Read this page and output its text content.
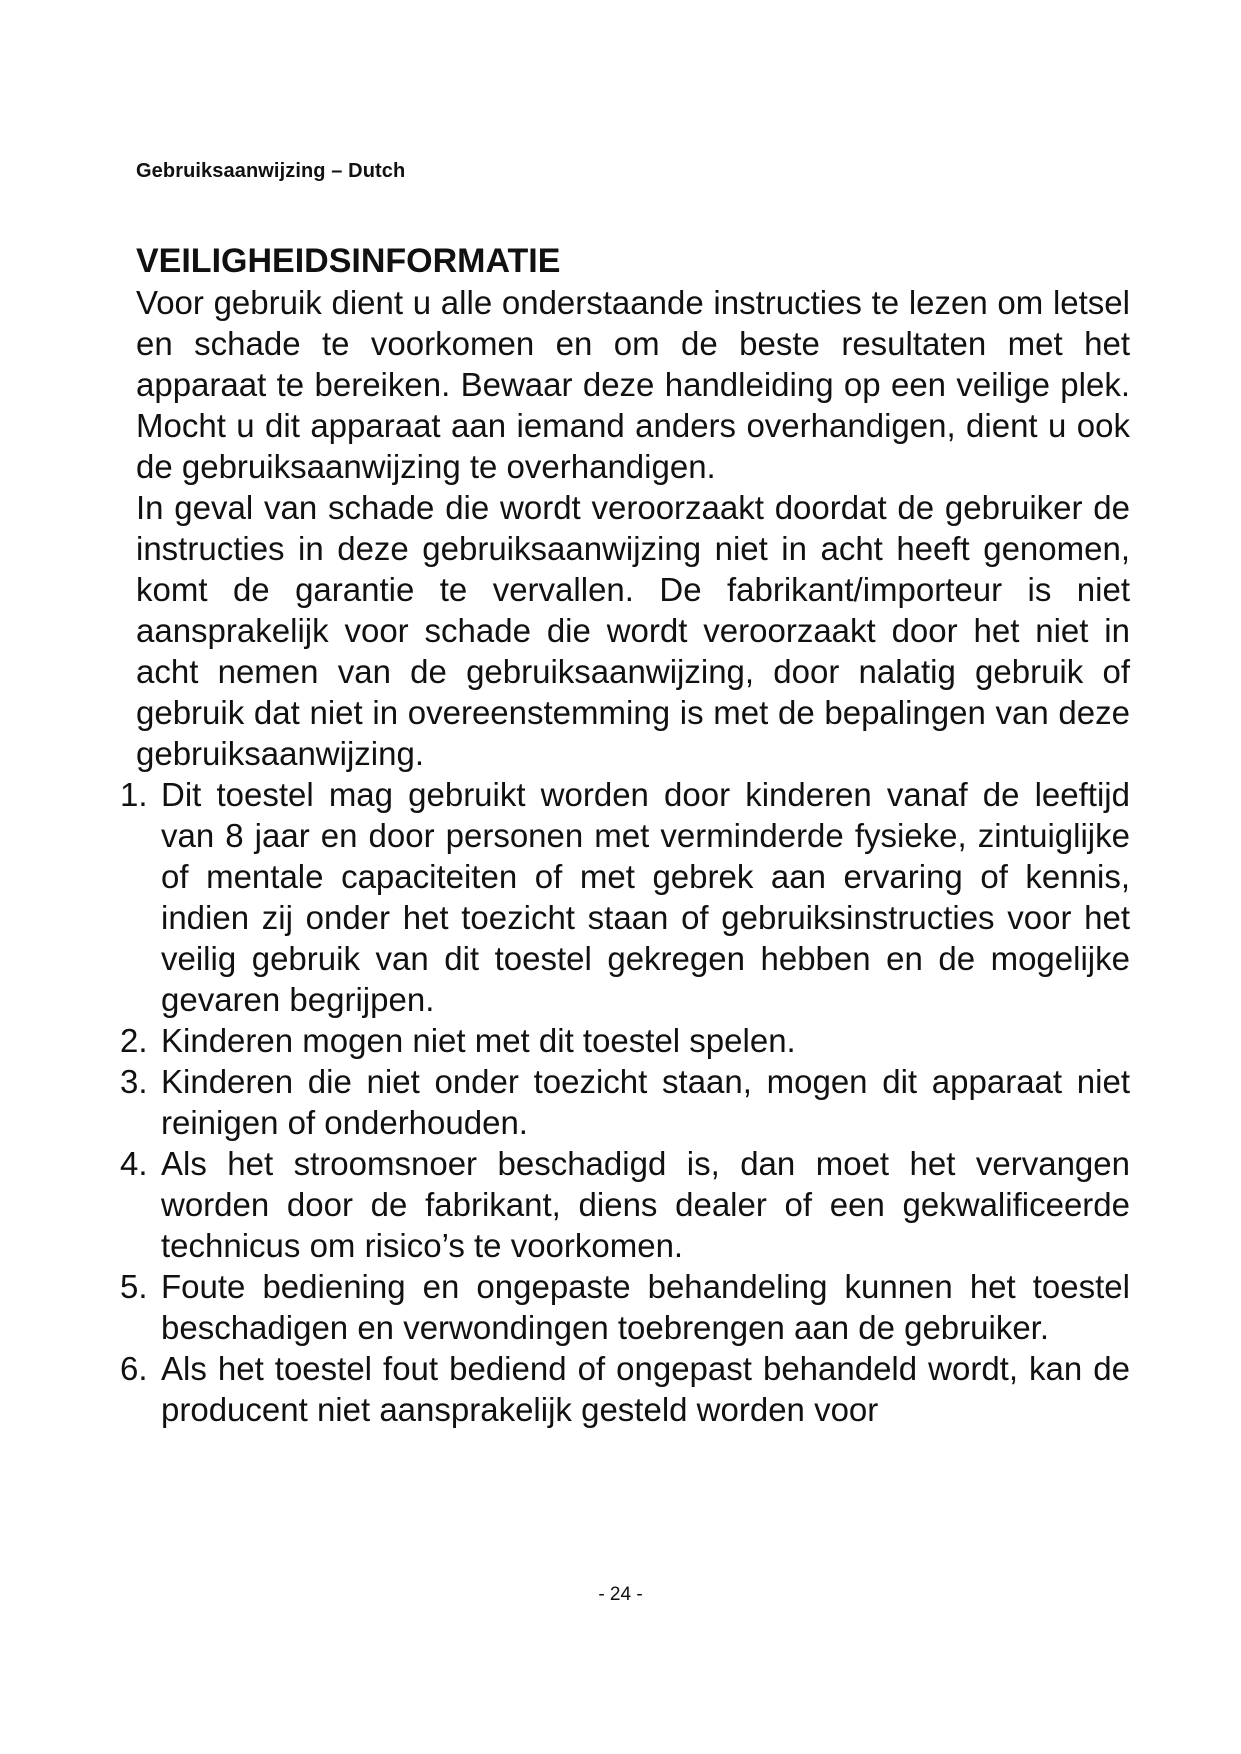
Gebruiksaanwijzing – Dutch
VEILIGHEIDSINFORMATIE

Voor gebruik dient u alle onderstaande instructies te lezen om letsel en schade te voorkomen en om de beste resultaten met het apparaat te bereiken. Bewaar deze handleiding op een veilige plek. Mocht u dit apparaat aan iemand anders overhandigen, dient u ook de gebruiksaanwijzing te overhandigen.

In geval van schade die wordt veroorzaakt doordat de gebruiker de instructies in deze gebruiksaanwijzing niet in acht heeft genomen, komt de garantie te vervallen. De fabrikant/importeur is niet aansprakelijk voor schade die wordt veroorzaakt door het niet in acht nemen van de gebruiksaanwijzing, door nalatig gebruik of gebruik dat niet in overeenstemming is met de bepalingen van deze gebruiksaanwijzing.

1. Dit toestel mag gebruikt worden door kinderen vanaf de leeftijd van 8 jaar en door personen met verminderde fysieke, zintuiglijke of mentale capaciteiten of met gebrek aan ervaring of kennis, indien zij onder het toezicht staan of gebruiksinstructies voor het veilig gebruik van dit toestel gekregen hebben en de mogelijke gevaren begrijpen.
2. Kinderen mogen niet met dit toestel spelen.
3. Kinderen die niet onder toezicht staan, mogen dit apparaat niet reinigen of onderhouden.
4. Als het stroomsnoer beschadigd is, dan moet het vervangen worden door de fabrikant, diens dealer of een gekwalificeerde technicus om risico’s te voorkomen.
5. Foute bediening en ongepaste behandeling kunnen het toestel beschadigen en verwondingen toebrengen aan de gebruiker.
6. Als het toestel fout bediend of ongepast behandeld wordt, kan de producent niet aansprakelijk gesteld worden voor
- 24 -
